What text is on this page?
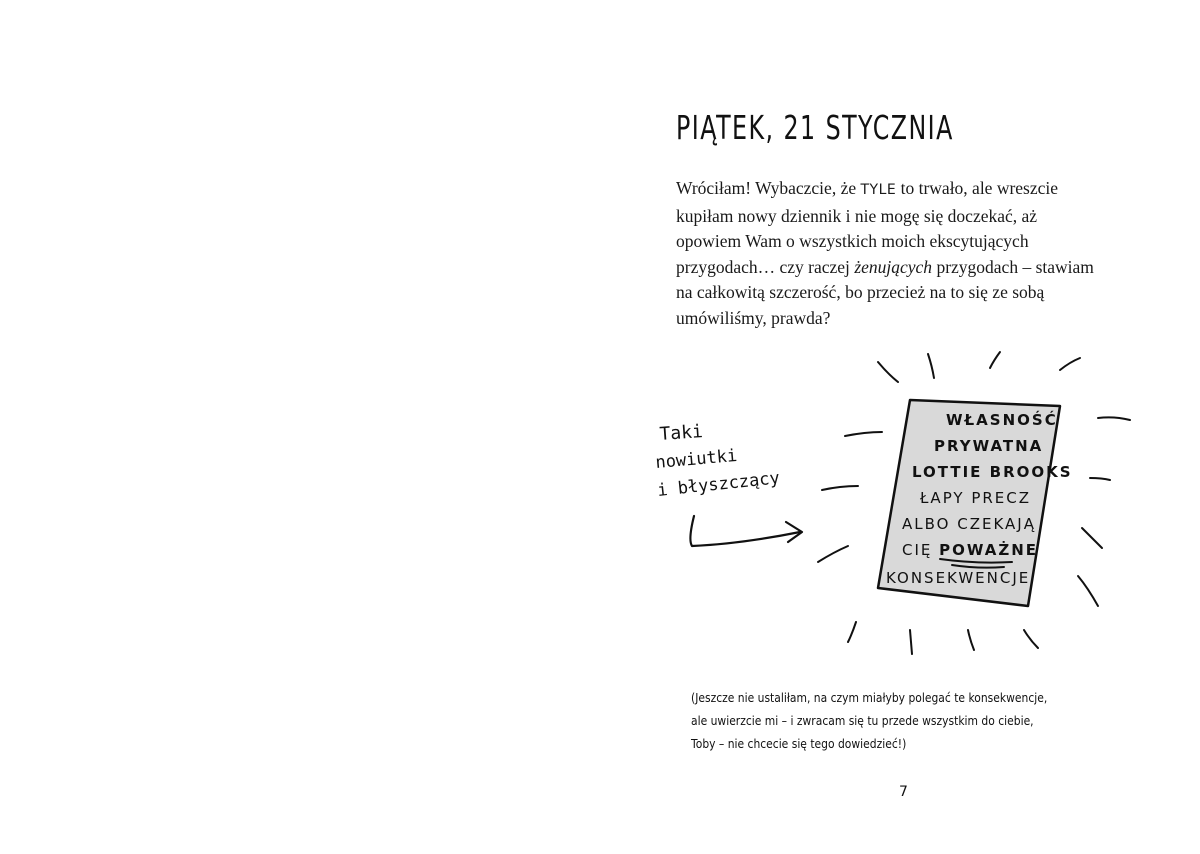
PIĄTEK, 21 STYCZNIA

Wróciłam! Wybaczcie, że TYLE to trwało, ale wreszcie kupiłam nowy dziennik i nie mogę się doczekać, aż opowiem Wam o wszystkich moich ekscytujących przygodach… czy raczej żenujących przygodach – stawiam na całkowitą szczerość, bo przecież na to się ze sobą umówiliśmy, prawda?

WŁASNOŚĆ
PRYWATNA
LOTTIE BROOKS
ŁAPY PRECZ
ALBO CZEKAJĄ
CIĘ POWAŻNE
KONSEKWENCJE
Taki
nowiutki
i błyszczący

(Jeszcze nie ustaliłam, na czym miałyby polegać te konsekwencje,
ale uwierzcie mi – i zwracam się tu przede wszystkim do ciebie,
Toby – nie chcecie się tego dowiedzieć!)

7
